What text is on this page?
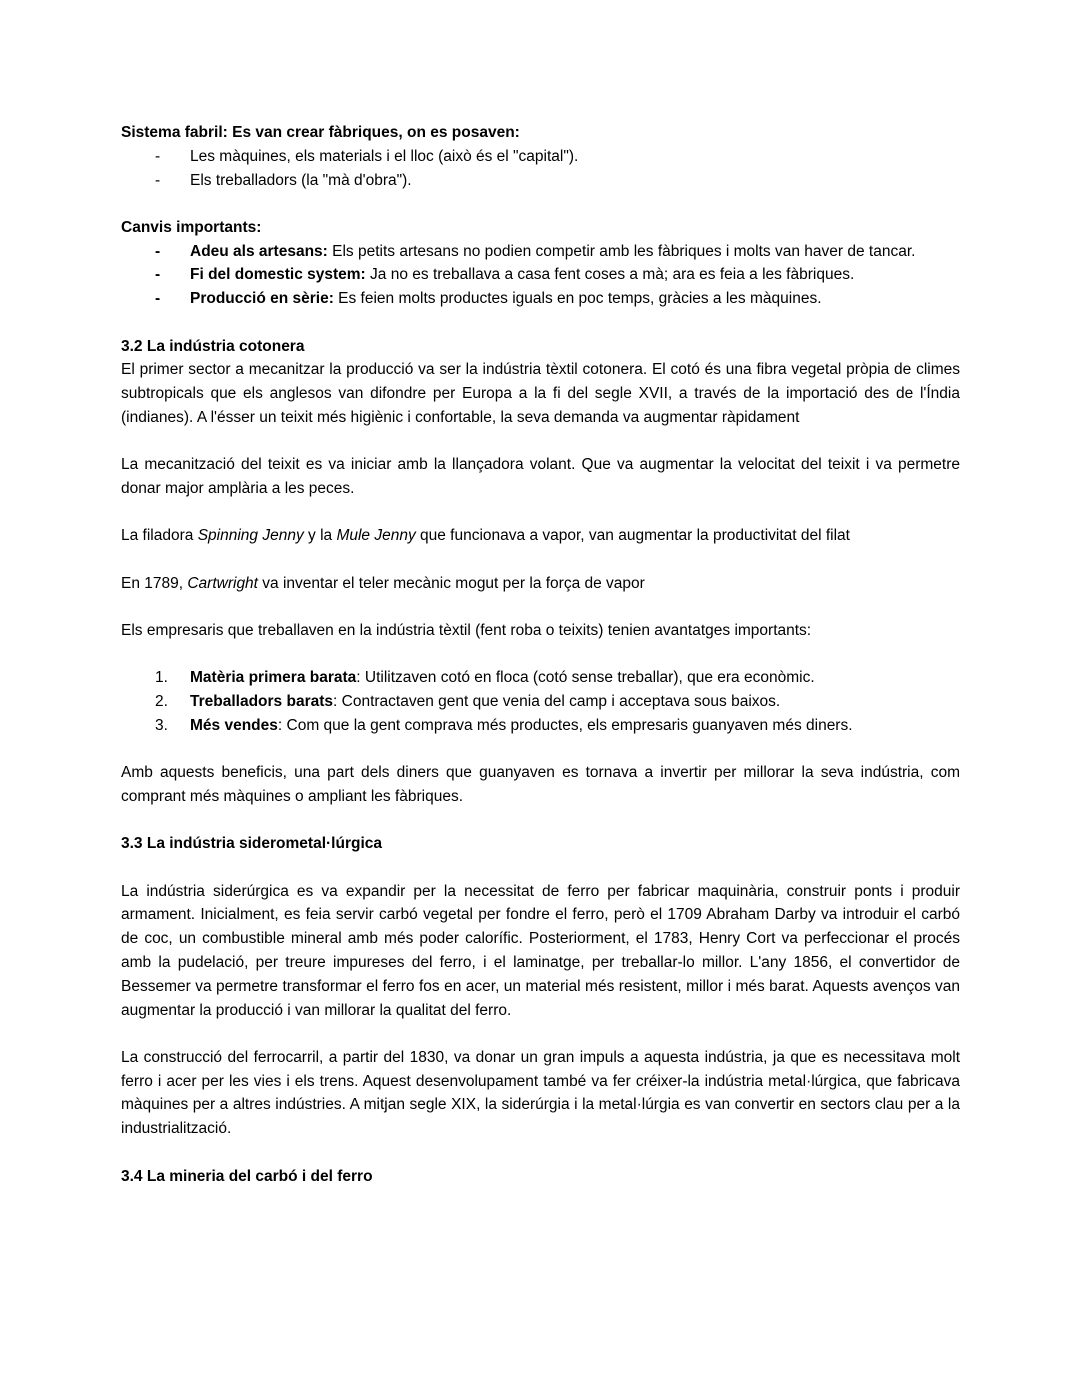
Sistema fabril: Es van crear fàbriques, on es posaven:

- Les màquines, els materials i el lloc (això és el "capital").
- Els treballadors (la "mà d'obra").

Canvis importants:

- Adeu als artesans: Els petits artesans no podien competir amb les fàbriques i molts van haver de tancar.
- Fi del domestic system: Ja no es treballava a casa fent coses a mà; ara es feia a les fàbriques.
- Producció en sèrie: Es feien molts productes iguals en poc temps, gràcies a les màquines.

3.2 La indústria cotonera

El primer sector a mecanitzar la producció va ser la indústria tèxtil cotonera. El cotó és una fibra vegetal pròpia de climes subtropicals que els anglesos van difondre per Europa a la fi del segle XVII, a través de la importació des de l'Índia (indianes). A l'ésser un teixit més higiènic i confortable, la seva demanda va augmentar ràpidament

La mecanització del teixit es va iniciar amb la llançadora volant. Que va augmentar la velocitat del teixit i va permetre donar major amplària a les peces.

La filadora Spinning Jenny y la Mule Jenny que funcionava a vapor, van augmentar la productivitat del filat

En 1789, Cartwright va inventar el teler mecànic mogut per la força de vapor

Els empresaris que treballaven en la indústria tèxtil (fent roba o teixits) tenien avantatges importants:

1. Matèria primera barata: Utilitzaven cotó en floca (cotó sense treballar), que era econòmic.
2. Treballadors barats: Contractaven gent que venia del camp i acceptava sous baixos.
3. Més vendes: Com que la gent comprava més productes, els empresaris guanyaven més diners.

Amb aquests beneficis, una part dels diners que guanyaven es tornava a invertir per millorar la seva indústria, com comprant més màquines o ampliant les fàbriques.

3.3 La indústria siderometal·lúrgica

La indústria siderúrgica es va expandir per la necessitat de ferro per fabricar maquinària, construir ponts i produir armament. Inicialment, es feia servir carbó vegetal per fondre el ferro, però el 1709 Abraham Darby va introduir el carbó de coc, un combustible mineral amb més poder calorífic. Posteriorment, el 1783, Henry Cort va perfeccionar el procés amb la pudelació, per treure impureses del ferro, i el laminatge, per treballar-lo millor. L'any 1856, el convertidor de Bessemer va permetre transformar el ferro fos en acer, un material més resistent, millor i més barat. Aquests avenços van augmentar la producció i van millorar la qualitat del ferro.

La construcció del ferrocarril, a partir del 1830, va donar un gran impuls a aquesta indústria, ja que es necessitava molt ferro i acer per les vies i els trens. Aquest desenvolupament també va fer créixer-la indústria metal·lúrgica, que fabricava màquines per a altres indústries. A mitjan segle XIX, la siderúrgia i la metal·lúrgia es van convertir en sectors clau per a la industrialització.

3.4 La mineria del carbó i del ferro
